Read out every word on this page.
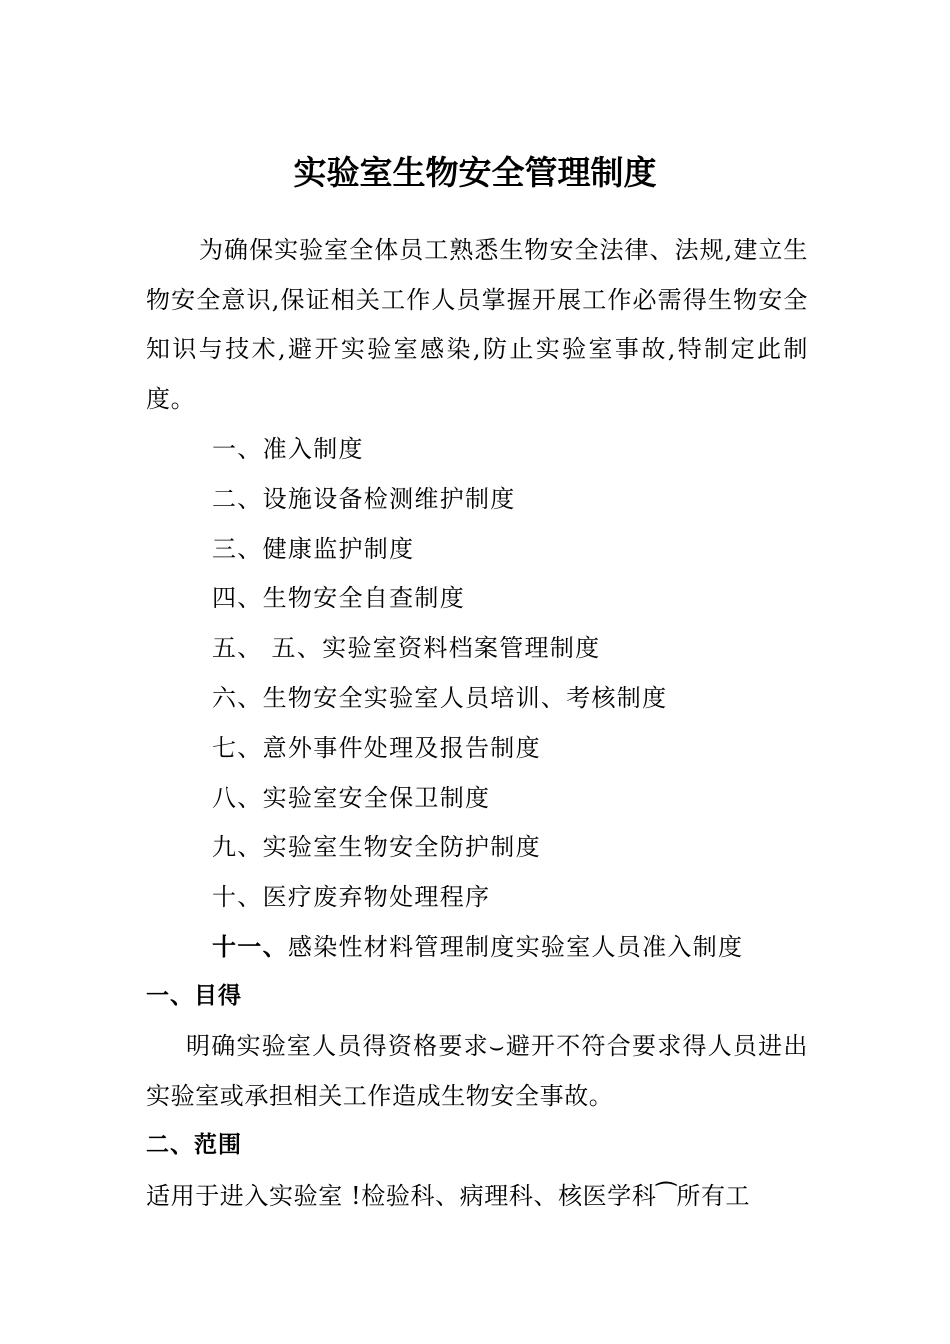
实验室生物安全管理制度

为确保实验室全体员工熟悉生物安全法律、法规,建立生物安全意识,保证相关工作人员掌握开展工作必需得生物安全知识与技术,避开实验室感染,防止实验室事故,特制定此制度。

一、准入制度
二、设施设备检测维护制度
三、健康监护制度
四、生物安全自查制度
五、 五、实验室资料档案管理制度
六、生物安全实验室人员培训、考核制度
七、意外事件处理及报告制度
八、实验室安全保卫制度
九、实验室生物安全防护制度
十、医疗废弃物处理程序
十一、感染性材料管理制度实验室人员准入制度
一、目得

明确实验室人员得资格要求⌣避开不符合要求得人员进出实验室或承担相关工作造成生物安全事故。

二、范围

适用于进入实验室 !检验科、病理科、核医学科⁀所有工
